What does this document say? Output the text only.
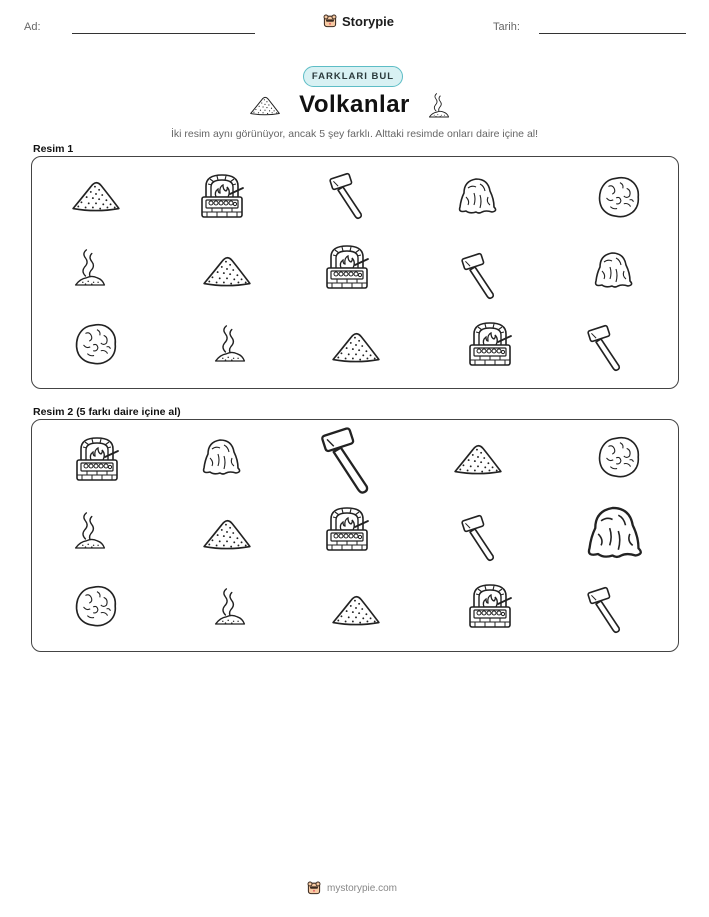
Ad:	Storypie	Tarih:
FARKLARI BUL
Volkanlar
İki resim aynı görünüyor, ancak 5 şey farklı. Alttaki resimde onları daire içine al!
Resim 1
Resim 2 (5 farkı daire içine al)
mystorypie.com
